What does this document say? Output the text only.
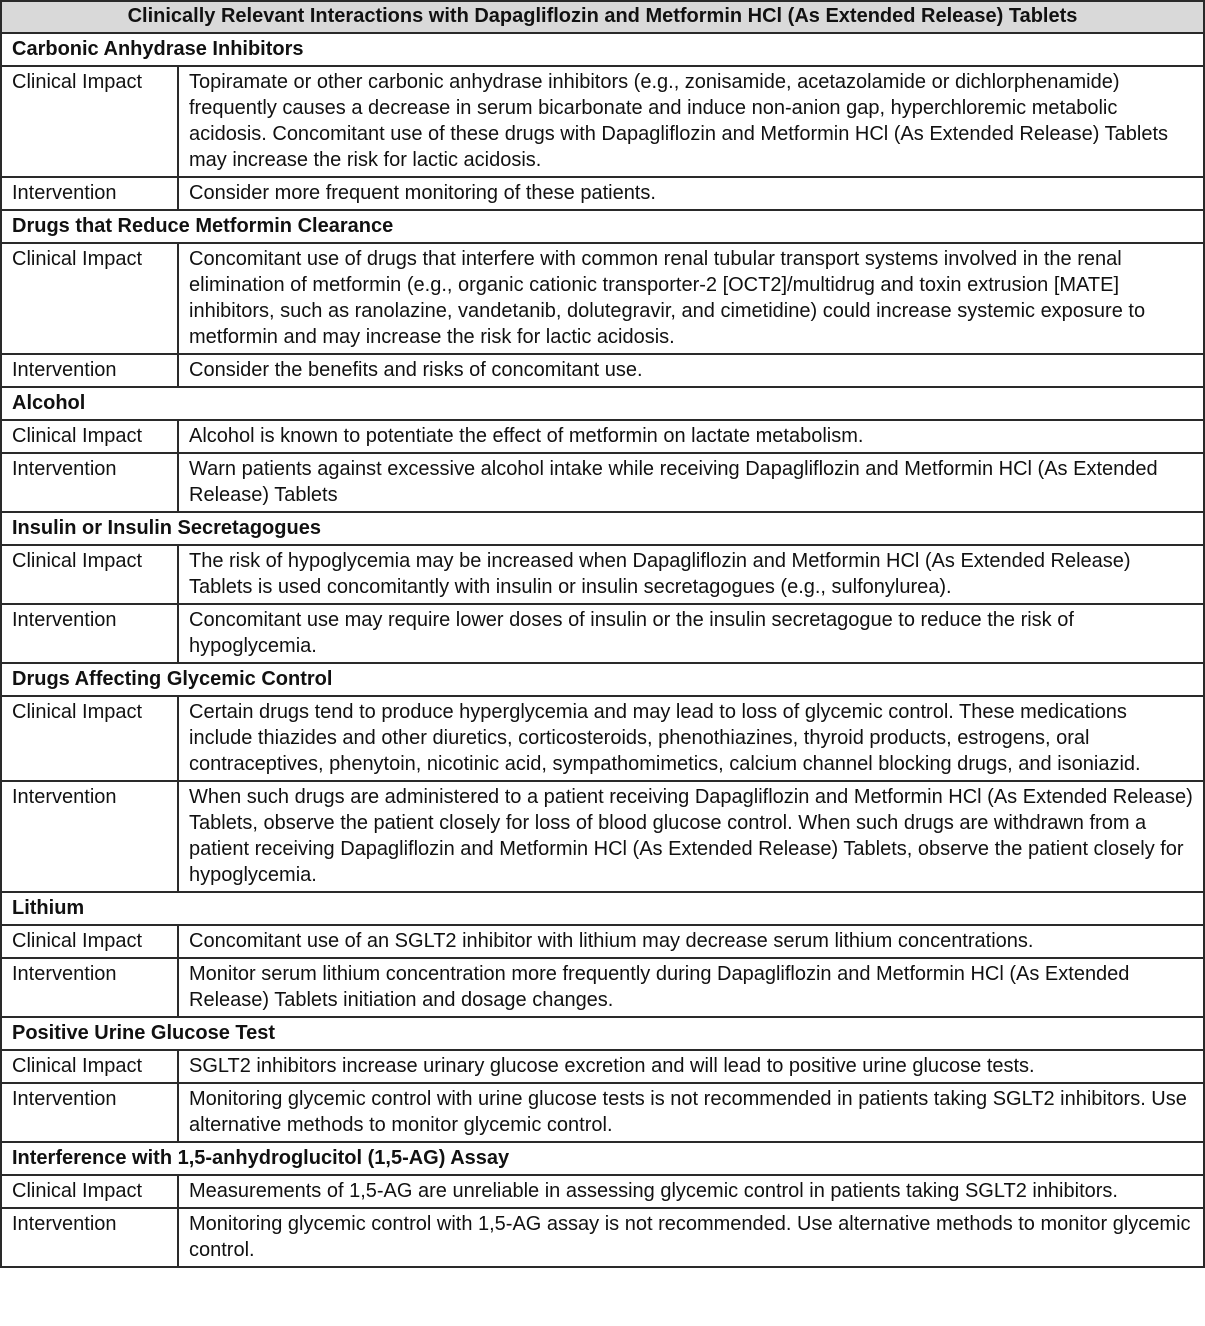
Clinically Relevant Interactions with Dapagliflozin and Metformin HCl (As Extended Release) Tablets	
Carbonic Anhydrase Inhibitors	
Clinical Impact	Topiramate or other carbonic anhydrase inhibitors (e.g., zonisamide, acetazolamide or dichlorphenamide) frequently causes a decrease in serum bicarbonate and induce non-anion gap, hyperchloremic metabolic acidosis. Concomitant use of these drugs with Dapagliflozin and Metformin HCl (As Extended Release) Tablets may increase the risk for lactic acidosis.
Intervention	Consider more frequent monitoring of these patients.
Drugs that Reduce Metformin Clearance	
Clinical Impact	Concomitant use of drugs that interfere with common renal tubular transport systems involved in the renal elimination of metformin (e.g., organic cationic transporter-2 [OCT2]/multidrug and toxin extrusion [MATE] inhibitors, such as ranolazine, vandetanib, dolutegravir, and cimetidine) could increase systemic exposure to metformin and may increase the risk for lactic acidosis.
Intervention	Consider the benefits and risks of concomitant use.
Alcohol	
Clinical Impact	Alcohol is known to potentiate the effect of metformin on lactate metabolism.
Intervention	Warn patients against excessive alcohol intake while receiving Dapagliflozin and Metformin HCl (As Extended Release) Tablets
Insulin or Insulin Secretagogues	
Clinical Impact	The risk of hypoglycemia may be increased when Dapagliflozin and Metformin HCl (As Extended Release) Tablets is used concomitantly with insulin or insulin secretagogues (e.g., sulfonylurea).
Intervention	Concomitant use may require lower doses of insulin or the insulin secretagogue to reduce the risk of hypoglycemia.
Drugs Affecting Glycemic Control	
Clinical Impact	Certain drugs tend to produce hyperglycemia and may lead to loss of glycemic control. These medications include thiazides and other diuretics, corticosteroids, phenothiazines, thyroid products, estrogens, oral contraceptives, phenytoin, nicotinic acid, sympathomimetics, calcium channel blocking drugs, and isoniazid.
Intervention	When such drugs are administered to a patient receiving Dapagliflozin and Metformin HCl (As Extended Release) Tablets, observe the patient closely for loss of blood glucose control. When such drugs are withdrawn from a patient receiving Dapagliflozin and Metformin HCl (As Extended Release) Tablets, observe the patient closely for hypoglycemia.
Lithium	
Clinical Impact	Concomitant use of an SGLT2 inhibitor with lithium may decrease serum lithium concentrations.
Intervention	Monitor serum lithium concentration more frequently during Dapagliflozin and Metformin HCl (As Extended Release) Tablets initiation and dosage changes.
Positive Urine Glucose Test	
Clinical Impact	SGLT2 inhibitors increase urinary glucose excretion and will lead to positive urine glucose tests.
Intervention	Monitoring glycemic control with urine glucose tests is not recommended in patients taking SGLT2 inhibitors. Use alternative methods to monitor glycemic control.
Interference with 1,5-anhydroglucitol (1,5-AG) Assay	
Clinical Impact	Measurements of 1,5-AG are unreliable in assessing glycemic control in patients taking SGLT2 inhibitors.
Intervention	Monitoring glycemic control with 1,5-AG assay is not recommended. Use alternative methods to monitor glycemic control.
